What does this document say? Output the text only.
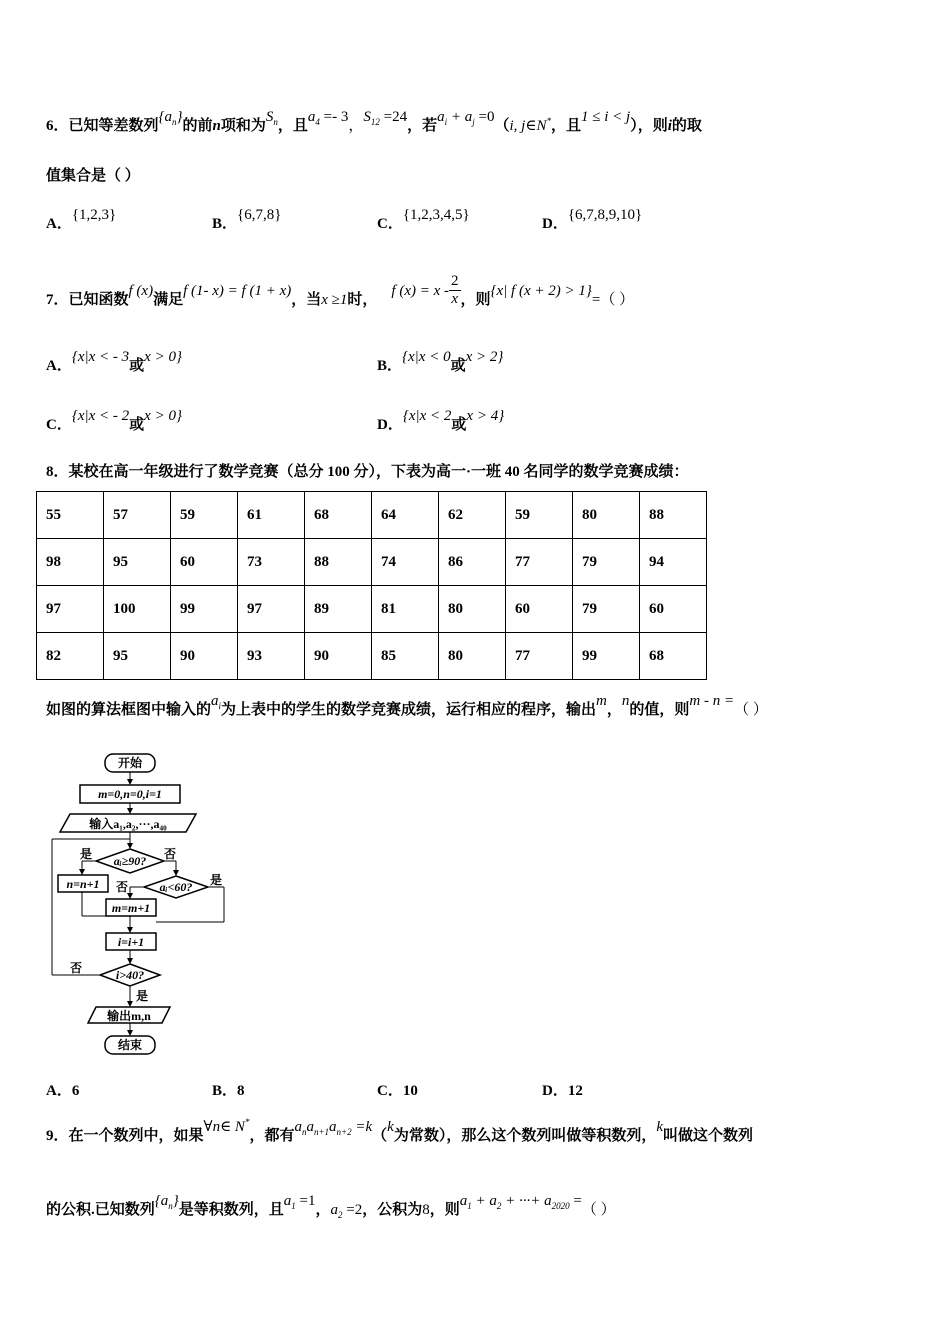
6．已知等差数列$\{a_n\}$的前n项和为$S_n$，且$a_4 =- 3$，$S_{12} =24$，若$a_i + a_j =0(i$, j∈N*，且1 ≤ i < j），则i的取
值集合是（ ）
A．{1,2,3}
B．{6,7,8}
C．{1,2,3,4,5}
D．{6,7,8,9,10}
7．已知函数f (x)满足f (1- x) = f (1 + x)，当x ≥1时，f $(x) = x - \frac{2}{x}$ ，则{x| f (x + 2) > 1}=（ ）
A．{x|x < - 3或x > 0}
B．{x|x < 0或x > 2}
C．{x|x < - 2或x > 0}
D．{x|x < 2或x > 4}
8．某校在高一年级进行了数学竞赛（总分 100 分），下表为高一·一班 40 名同学的数学竞赛成绩：
55	57	59	61	68	64	62	59	80	88
98	95	60	73	88	74	86	77	79	94
97	100	99	97	89	81	80	60	79	60
82	95	90	93	90	85	80	77	99	68
如图的算法框图中输入的$a_i$为上表中的学生的数学竞赛成绩，运行相应的程序，输出m，n的值，则m - n =（ ）
开始
m=0,n=0,i=1
输入a₁,a₂,···,a₄₀
aᵢ≥90?
是	否
n=n+1	aᵢ<60? 是
否
m=m+1
i=i+1
i>40?
否
是
输出m,n
结束
A．6	B．8	C．10	D．12
9．在一个数列中，如果∀n∈ N*，都有$a_na_{n+1}a_{n+2} =k(k$为常数），那么这个数列叫做等积数列，k叫做这个数列
的公积.已知数列$\{a_n\}$是等积数列，且$a_1 =1$，$a_2 =2$，公积为8，则$a_1 + a_2$ + ···+ $a_{2020}$ =（ ）
